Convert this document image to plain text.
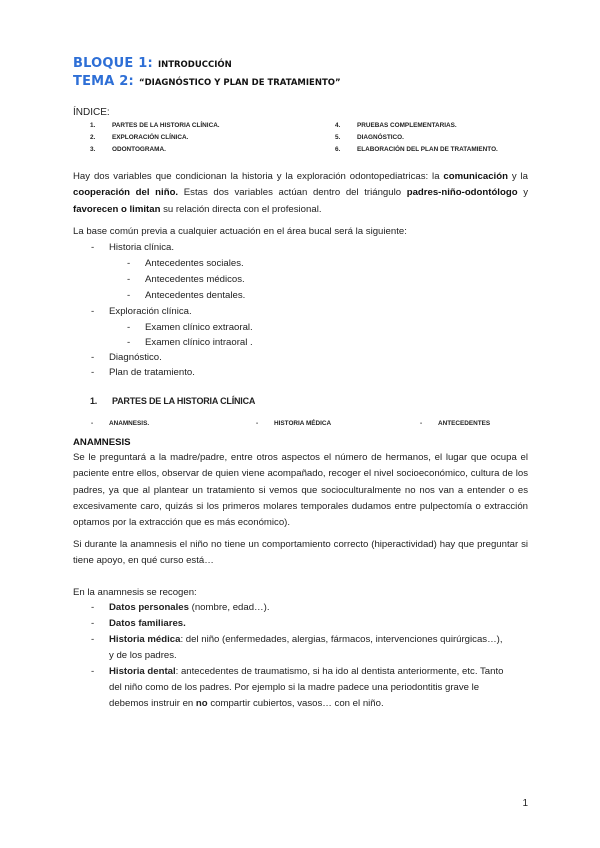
BLOQUE 1: INTRODUCCIÓN
TEMA 2: “DIAGNÓSTICO Y PLAN DE TRATAMIENTO”
ÍNDICE:
1.	PARTES DE LA HISTORIA CLÍNICA.
2.	EXPLORACIÓN CLÍNICA.
3.	ODONTOGRAMA.
4.	PRUEBAS COMPLEMENTARIAS.
5.	DIAGNÓSTICO.
6.	ELABORACIÓN DEL PLAN DE TRATAMIENTO.
Hay dos variables que condicionan la historia y la exploración odontopediatricas: la comunicación y la cooperación del niño. Estas dos variables actúan dentro del triángulo padres-niño-odontólogo y favorecen o limitan su relación directa con el profesional.
La base común previa a cualquier actuación en el área bucal será la siguiente:
- Historia clínica.
- Antecedentes sociales.
- Antecedentes médicos.
- Antecedentes dentales.
- Exploración clínica.
- Examen clínico extraoral.
- Examen clínico intraoral .
- Diagnóstico.
- Plan de tratamiento.
1. PARTES DE LA HISTORIA CLÍNICA
- ANAMNESIS.	- HISTORIA MÉDICA	- ANTECEDENTES
ANAMNESIS
Se le preguntará a la madre/padre, entre otros aspectos el número de hermanos, el lugar que ocupa el paciente entre ellos, observar de quien viene acompañado, recoger el nivel socioeconómico, cultura de los padres, ya que al plantear un tratamiento si vemos que socioculturalmente no nos van a entender o es excesivamente caro, quizás si los primeros molares temporales dudamos entre pulpectomía o extracción optamos por la extracción que es más económico).
Si durante la anamnesis el niño no tiene un comportamiento correcto (hiperactividad) hay que preguntar si tiene apoyo, en qué curso está…
En la anamnesis se recogen:
- Datos personales (nombre, edad…).
- Datos familiares.
- Historia médica: del niño (enfermedades, alergias, fármacos, intervenciones quirúrgicas…),
y de los padres.
- Historia dental: antecedentes de traumatismo, si ha ido al dentista anteriormente, etc. Tanto
del niño como de los padres. Por ejemplo si la madre padece una periodontitis grave le
debemos instruir en no compartir cubiertos, vasos… con el niño.
1
